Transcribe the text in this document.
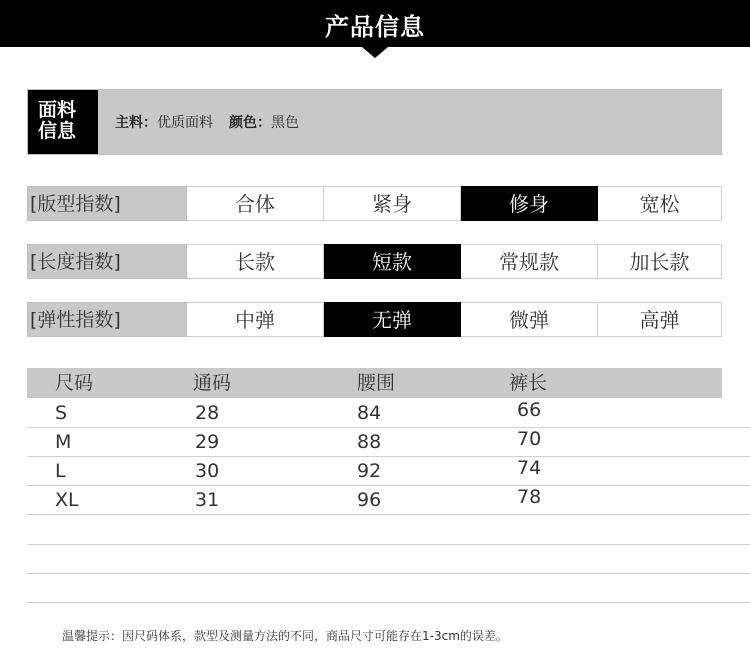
产品信息
面料
信息	主料：优质面料 颜色：黑色
[版型指数]	合体	紧身	修身	宽松
[长度指数]	长款	短款	常规款	加长款
[弹性指数]	中弹	无弹	微弹	高弹
尺码	通码	腰围	裤长
S	28	84	66
M	29	88	70
L	30	92	74
XL	31	96	78
温馨提示：因尺码体系，款型及测量方法的不同，商品尺寸可能存在1-3cm的误差。
